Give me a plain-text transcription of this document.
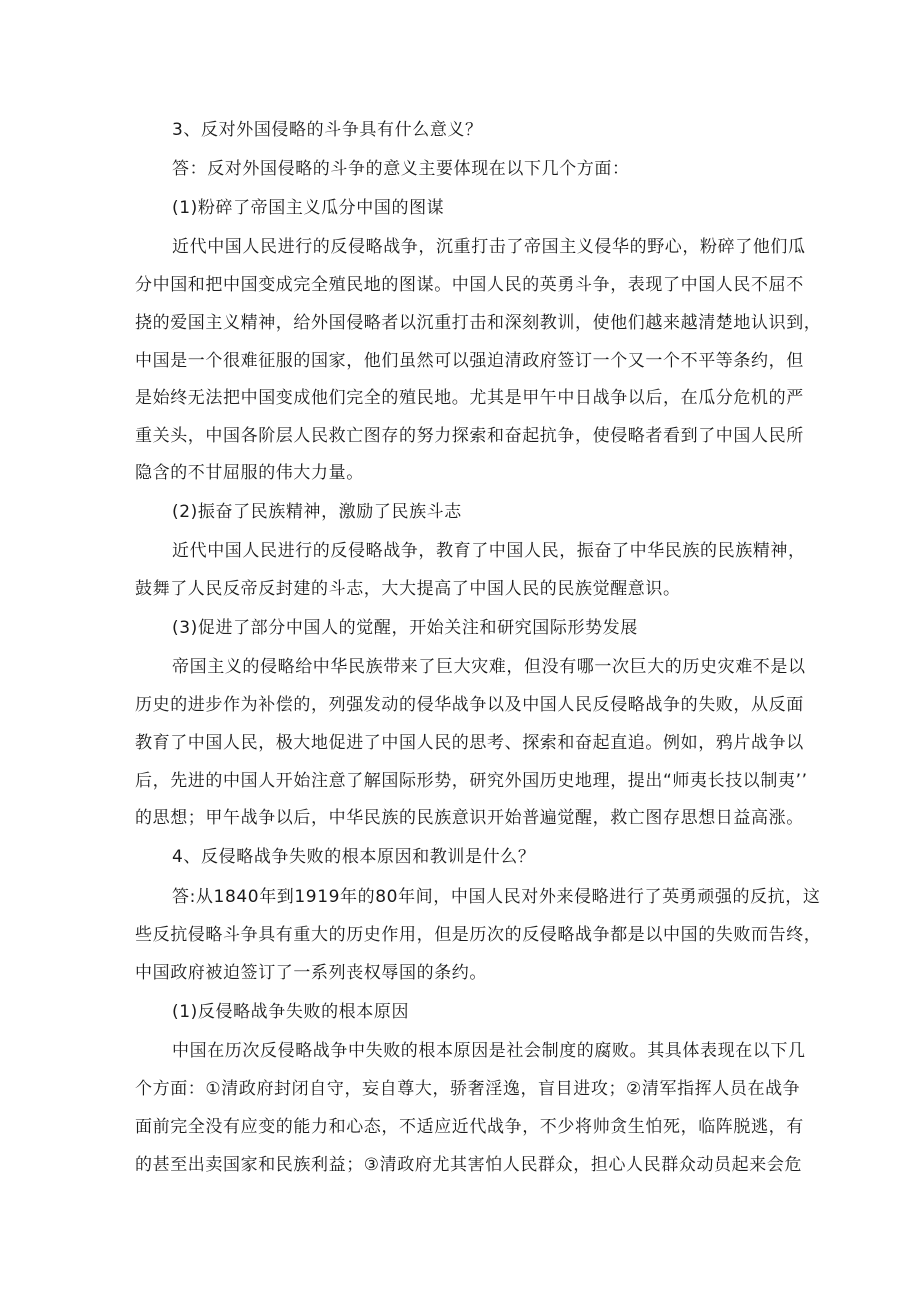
3、反对外国侵略的斗争具有什么意义？
答：反对外国侵略的斗争的意义主要体现在以下几个方面：
(1)粉碎了帝国主义瓜分中国的图谋
近代中国人民进行的反侵略战争，沉重打击了帝国主义侵华的野心，粉碎了他们瓜
分中国和把中国变成完全殖民地的图谋。中国人民的英勇斗争，表现了中国人民不屈不
挠的爱国主义精神，给外国侵略者以沉重打击和深刻教训，使他们越来越清楚地认识到，
中国是一个很难征服的国家，他们虽然可以强迫清政府签订一个又一个不平等条约，但
是始终无法把中国变成他们完全的殖民地。尤其是甲午中日战争以后，在瓜分危机的严
重关头，中国各阶层人民救亡图存的努力探索和奋起抗争，使侵略者看到了中国人民所
隐含的不甘屈服的伟大力量。
(2)振奋了民族精神，激励了民族斗志
近代中国人民进行的反侵略战争，教育了中国人民，振奋了中华民族的民族精神，
鼓舞了人民反帝反封建的斗志，大大提高了中国人民的民族觉醒意识。
(3)促进了部分中国人的觉醒，开始关注和研究国际形势发展
帝国主义的侵略给中华民族带来了巨大灾难，但没有哪一次巨大的历史灾难不是以
历史的进步作为补偿的，列强发动的侵华战争以及中国人民反侵略战争的失败，从反面
教育了中国人民，极大地促进了中国人民的思考、探索和奋起直追。例如，鸦片战争以
后，先进的中国人开始注意了解国际形势，研究外国历史地理，提出“师夷长技以制夷’’
的思想；甲午战争以后，中华民族的民族意识开始普遍觉醒，救亡图存思想日益高涨。
4、反侵略战争失败的根本原因和教训是什么？
答:从1840年到1919年的80年间，中国人民对外来侵略进行了英勇顽强的反抗，这
些反抗侵略斗争具有重大的历史作用，但是历次的反侵略战争都是以中国的失败而告终，
中国政府被迫签订了一系列丧权辱国的条约。
(1)反侵略战争失败的根本原因
中国在历次反侵略战争中失败的根本原因是社会制度的腐败。其具体表现在以下几
个方面：①清政府封闭自守，妄自尊大，骄奢淫逸，盲目进攻；②清军指挥人员在战争
面前完全没有应变的能力和心态，不适应近代战争，不少将帅贪生怕死，临阵脱逃，有
的甚至出卖国家和民族利益；③清政府尤其害怕人民群众，担心人民群众动员起来会危
